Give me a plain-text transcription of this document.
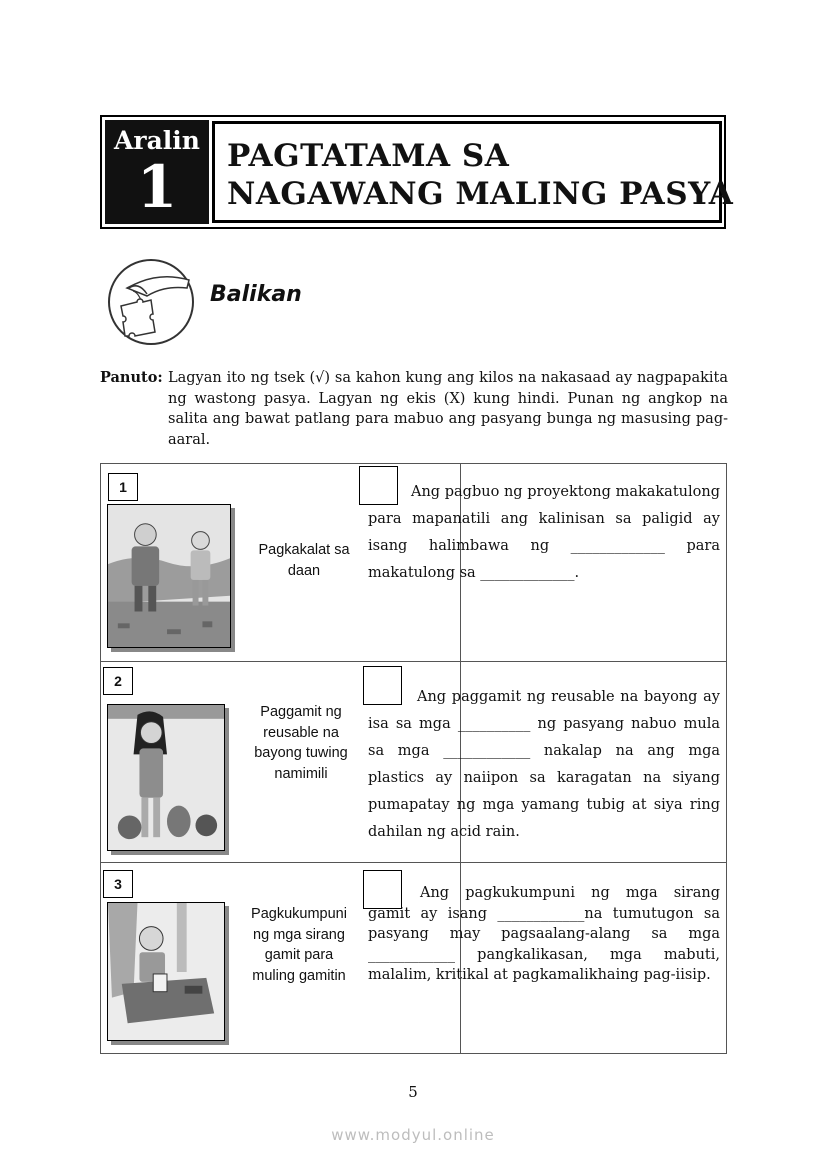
Aralin
1	PAGTATAMA SA
NAGAWANG MALING PASYA
Balikan
Panuto: Lagyan ito ng tsek (√) sa kahon kung ang kilos na nakasaad ay nagpapakita ng wastong pasya. Lagyan ng ekis (X) kung hindi. Punan ng angkop na salita ang bawat patlang para mabuo ang pasyang bunga ng masusing pag-aaral.
1
Pagkakalat sa daan
Ang pagbuo ng proyektong makakatulong para mapanatili ang kalinisan sa paligid ay isang halimbawa ng _____________ para makatulong sa _____________.
2
Paggamit ng reusable na bayong tuwing namimili
Ang paggamit ng reusable na bayong ay isa sa mga __________ ng pasyang nabuo mula sa mga ____________ nakalap na ang mga plastics ay naiipon sa karagatan na siyang pumapatay ng mga yamang tubig at siya ring dahilan ng acid rain.
3
Pagkukumpuni ng mga sirang gamit para muling gamitin
Ang pagkukumpuni ng mga sirang gamit ay isang ____________na tumutugon sa pasyang may pagsaalang-alang sa mga ____________ pangkalikasan, mga mabuti, malalim, kritikal at pagkamalikhaing pag-iisip.
5
www.modyul.online
